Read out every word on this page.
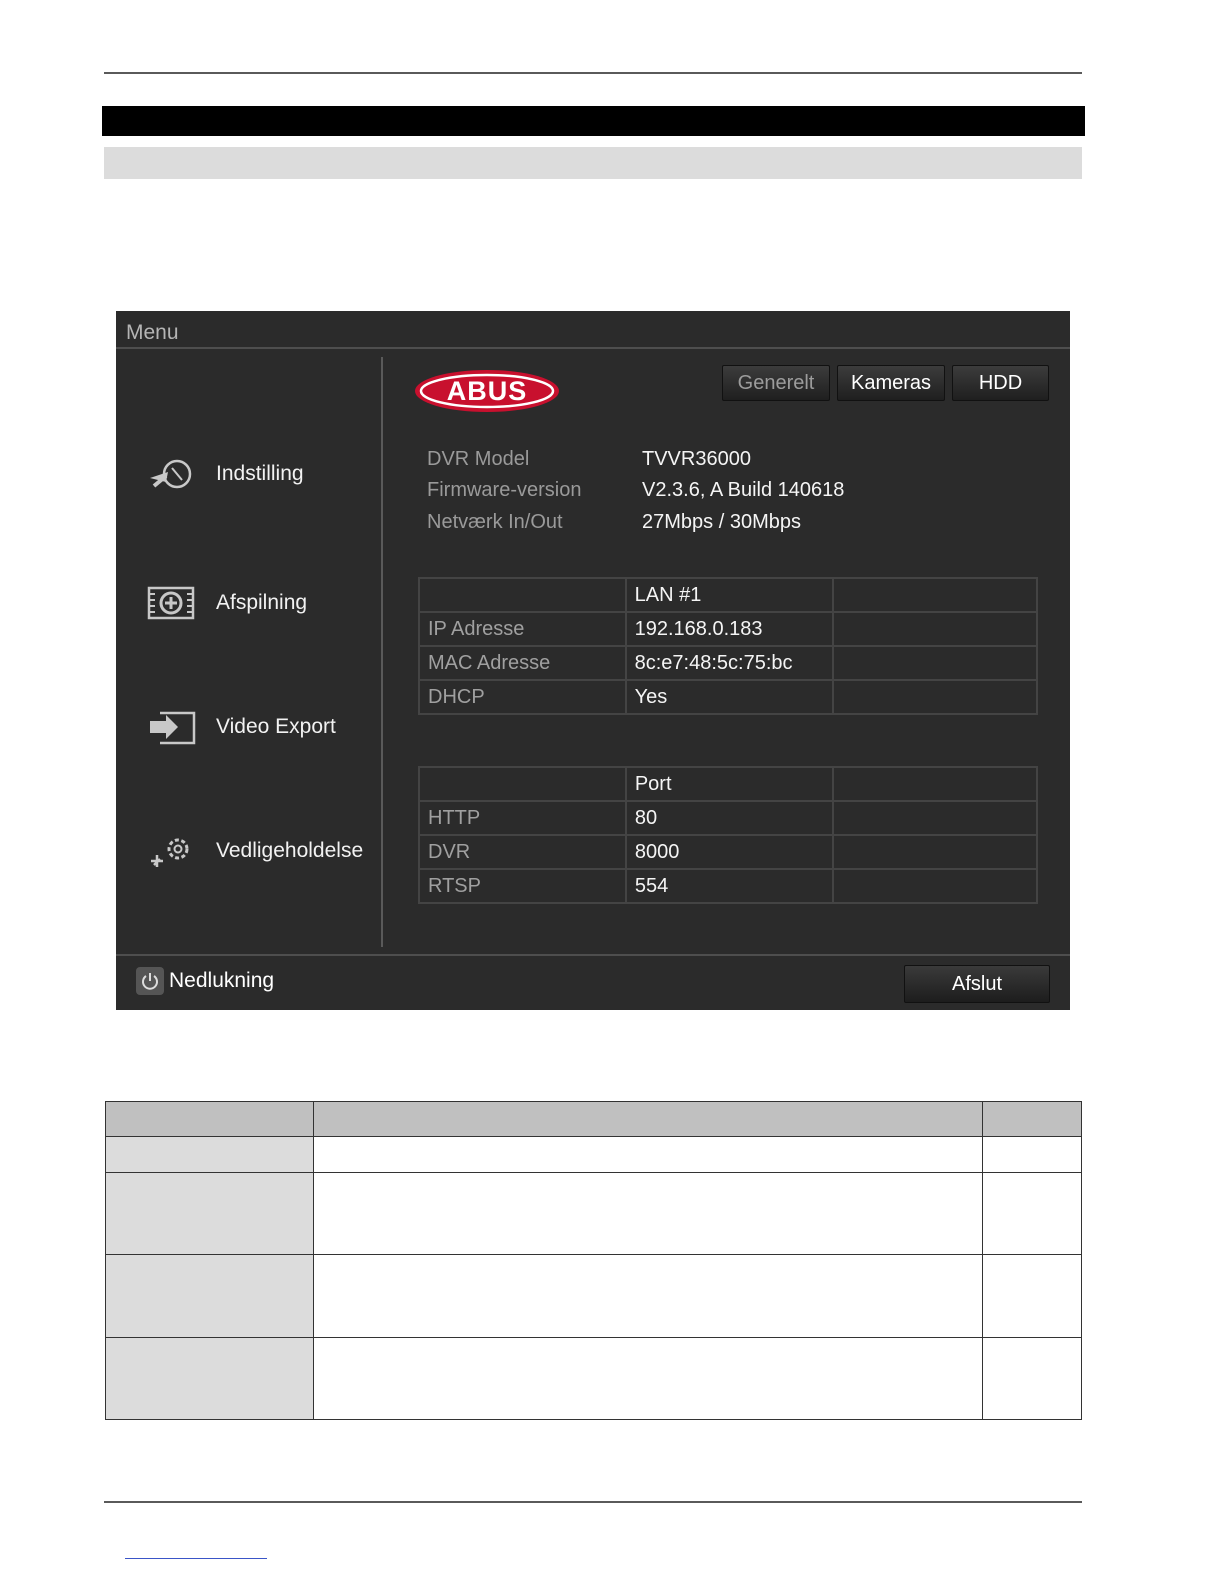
Menu
Indstilling
Afspilning
Video Export
Vedligeholdelse
ABUS	Generelt	Kameras	HDD
DVR Model	TVVR36000
Firmware-version	V2.3.6, A Build 140618
Netværk In/Out	27Mbps / 30Mbps
	LAN #1	
IP Adresse	192.168.0.183	
MAC Adresse	8c:e7:48:5c:75:bc	
DHCP	Yes	
	Port	
HTTP	80	
DVR	8000	
RTSP	554	
Nedlukning	Afslut
